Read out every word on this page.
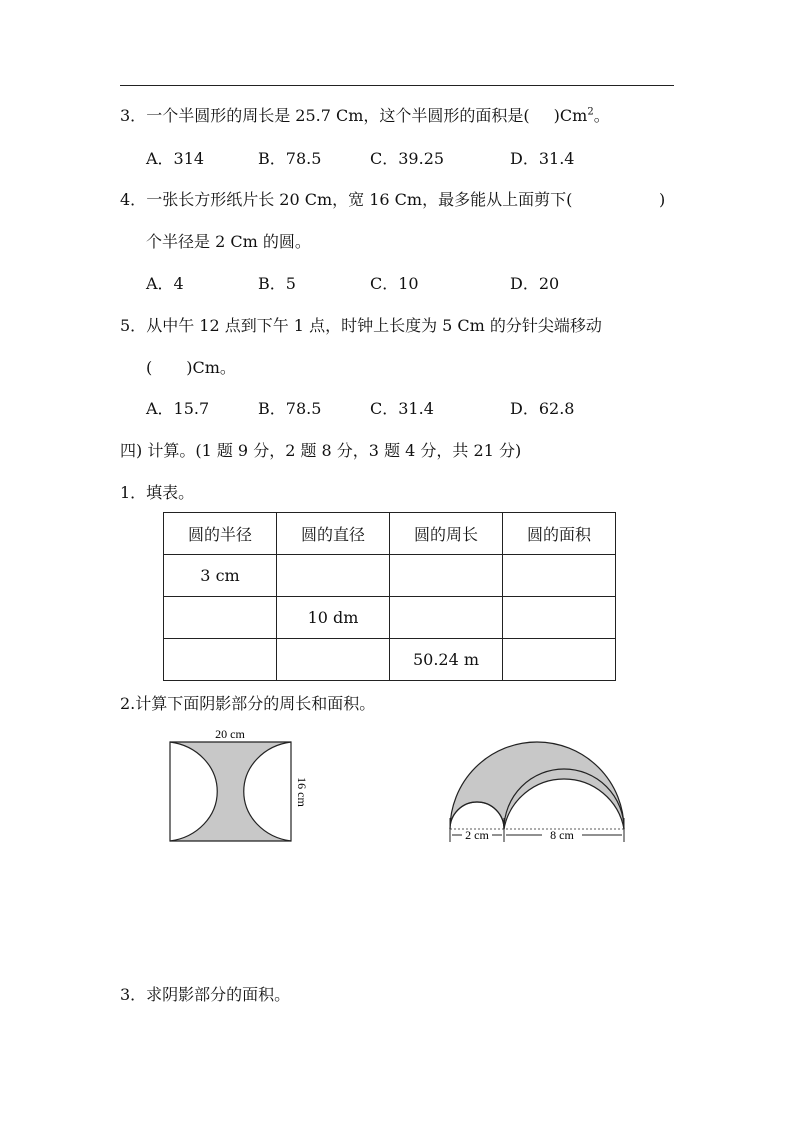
3．一个半圆形的周长是 25.7 Cm，这个半圆形的面积是( )Cm$^2$。
A．314	B．78.5	C．39.25	D．31.4
4．一张长方形纸片长 20 Cm，宽 16 Cm，最多能从上面剪下(	)
个半径是 2 Cm 的圆。
A．4	B．5	C．10	D．20
5．从中午 12 点到下午 1 点，时钟上长度为 5 Cm 的分针尖端移动
( )Cm。
A．15.7	B．78.5	C．31.4	D．62.8
四) 计算。(1 题 9 分，2 题 8 分，3 题 4 分，共 21 分)
1．填表。
圆的半径	圆的直径	圆的周长	圆的面积
3 cm			
	10 dm		
		50.24 m	
2.计算下面阴影部分的周长和面积。
20 cm
16 cm
2 cm	8 cm
3．求阴影部分的面积。
